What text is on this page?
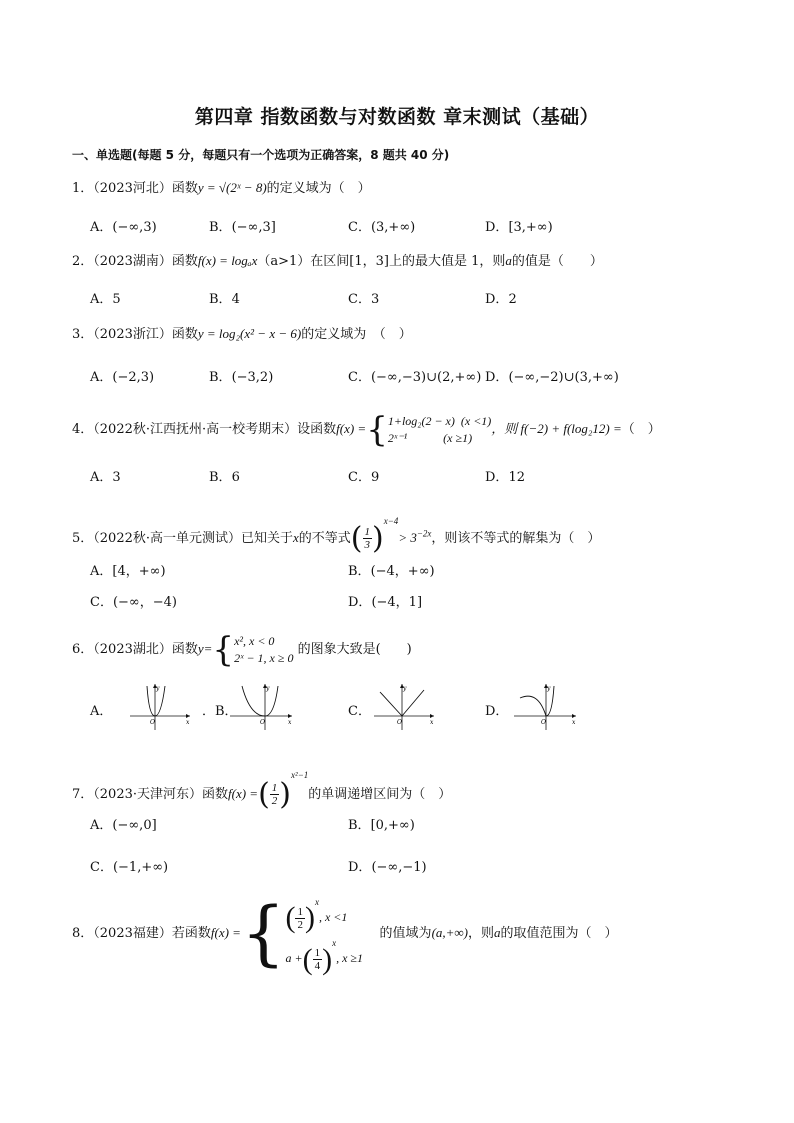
第四章 指数函数与对数函数 章末测试（基础）
一、单选题(每题 5 分，每题只有一个选项为正确答案，8 题共 40 分)
1．（2023河北）函数y = √(2ˣ − 8)的定义域为（　）
A．(−∞,3)	B．(−∞,3]	C．(3,+∞)	D．[3,+∞)
2．（2023湖南）函数f(x) = logₐx（a>1）在区间[1，3]上的最大值是 1，则a的值是（　　）
A．5	B．4	C．3	D．2
3．（2023浙江）函数y = log₂(x² − x − 6)的定义域为　（　）
A．(−2,3)	B．(−3,2)	C．(−∞,−3)∪(2,+∞) D．(−∞,−2)∪(3,+∞)
4．（2022秋·江西抚州·高一校考期末）设函数f(x) ={1+log₂(2 − x) (x <1)
2ˣ⁻¹	(x ≥1)，则 f(−2) + f(log₂12) =（　）
A．3	B．6	C．9	D．12
5．（2022秋·高一单元测试）已知关于x的不等式( $\frac{1}{3} )^{x-4}> 3^{-2x}$，则该不等式的解集为（　）
A．[4，+∞)	B．(−4，+∞)
C．(−∞，−4)	D．(−4，1]
6．（2023湖北）函数y={x², x < 0
2ˣ − 1, x ≥ 0 的图象大致是(　　)
A．	．B．	C．	D．
y
x
O
y
x
O
y
x
O
y
x
O
7．（2023·天津河东）函数f(x) =( $\frac{1}{2} )^{x^2-1}$的单调递增区间为（　）
A．(−∞,0]	B．[0,+∞)
C．(−1,+∞)	D．(−∞,−1)
8．（2023福建）若函数f(x) ={( $\frac{1}{2} )^x$, x <1
a +( $\frac{1}{4} )^x$, x ≥1    的值域为(a,+∞)，则a的取值范围为（　）
